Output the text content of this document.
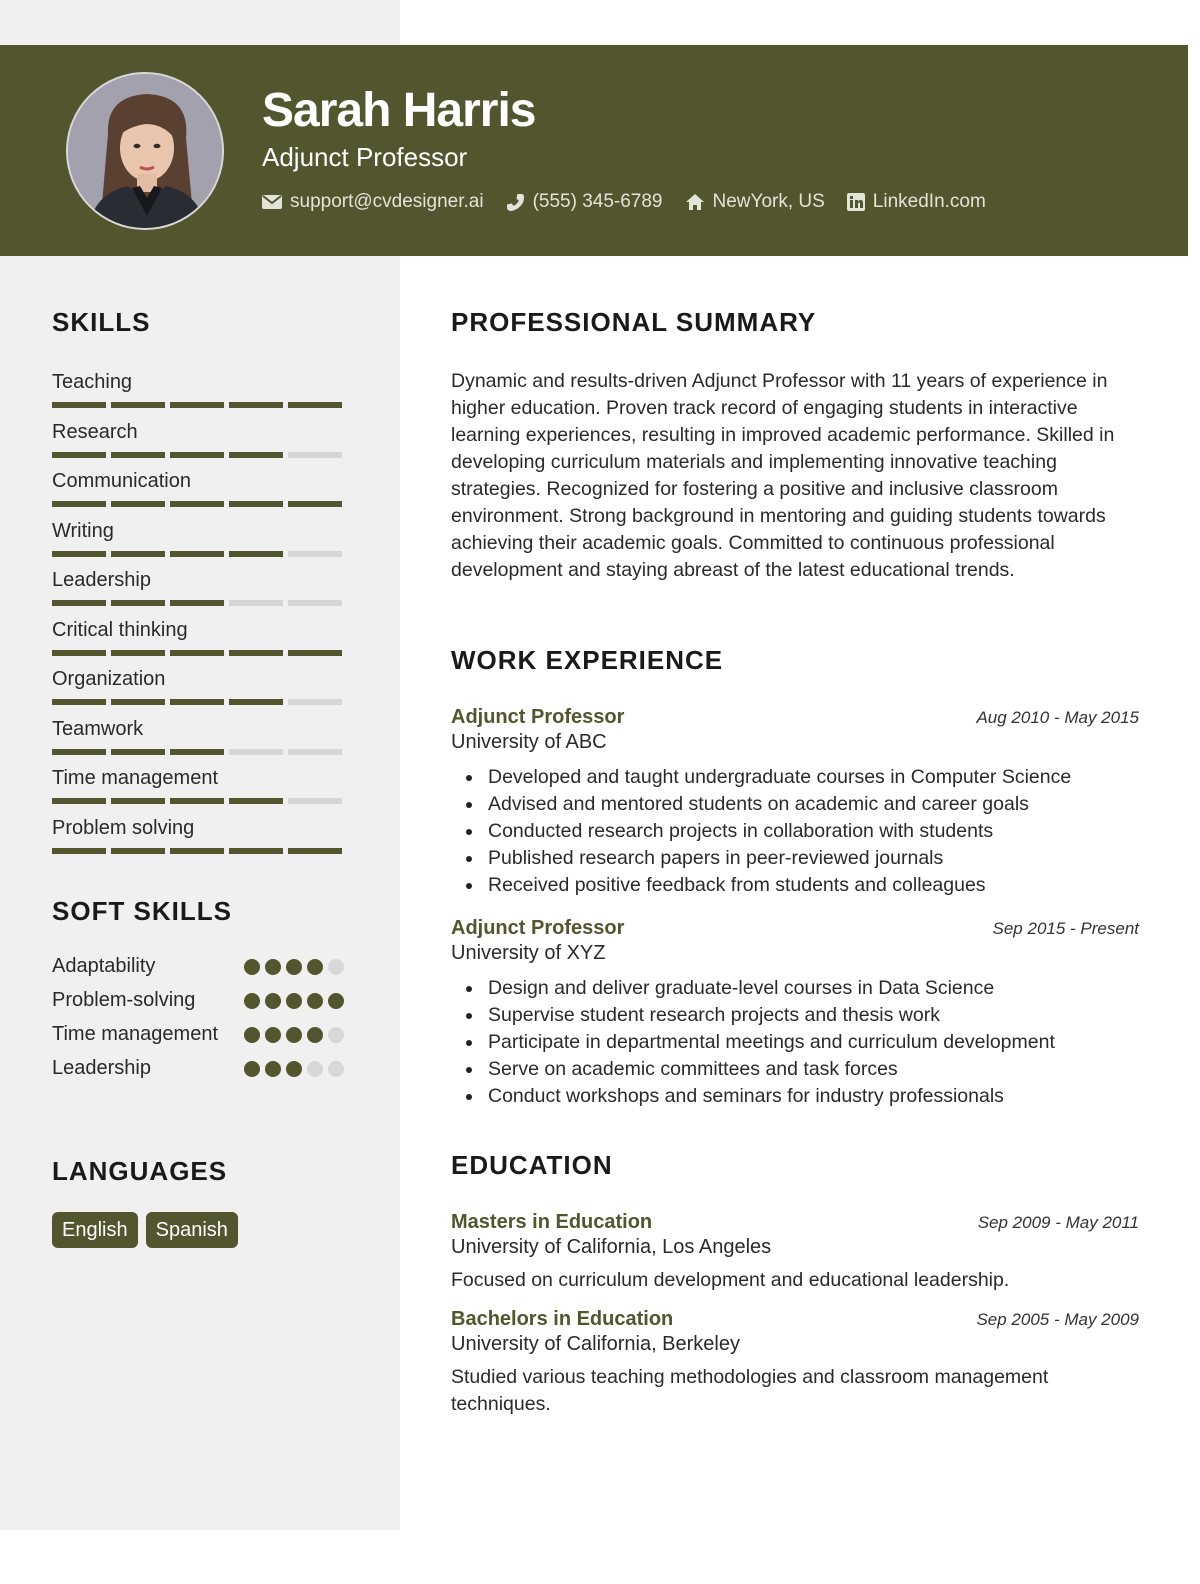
Sarah Harris
Adjunct Professor
support@cvdesigner.ai	(555) 345-6789	NewYork, US	LinkedIn.com
SKILLS
Teaching
Research
Communication
Writing
Leadership
Critical thinking
Organization
Teamwork
Time management
Problem solving
SOFT SKILLS
Adaptability
Problem-solving
Time management
Leadership
LANGUAGES
English	Spanish
PROFESSIONAL SUMMARY

Dynamic and results-driven Adjunct Professor with 11 years of experience in higher education. Proven track record of engaging students in interactive learning experiences, resulting in improved academic performance. Skilled in developing curriculum materials and implementing innovative teaching strategies. Recognized for fostering a positive and inclusive classroom environment. Strong background in mentoring and guiding students towards achieving their academic goals. Committed to continuous professional development and staying abreast of the latest educational trends.

WORK EXPERIENCE
Adjunct Professor	Aug 2010 - May 2015
University of ABC
Developed and taught undergraduate courses in Computer Science
Advised and mentored students on academic and career goals
Conducted research projects in collaboration with students
Published research papers in peer-reviewed journals
Received positive feedback from students and colleagues
Adjunct Professor	Sep 2015 - Present
University of XYZ
Design and deliver graduate-level courses in Data Science
Supervise student research projects and thesis work
Participate in departmental meetings and curriculum development
Serve on academic committees and task forces
Conduct workshops and seminars for industry professionals
EDUCATION
Masters in Education	Sep 2009 - May 2011
University of California, Los Angeles

Focused on curriculum development and educational leadership.

Bachelors in Education	Sep 2005 - May 2009
University of California, Berkeley

Studied various teaching methodologies and classroom management techniques.
